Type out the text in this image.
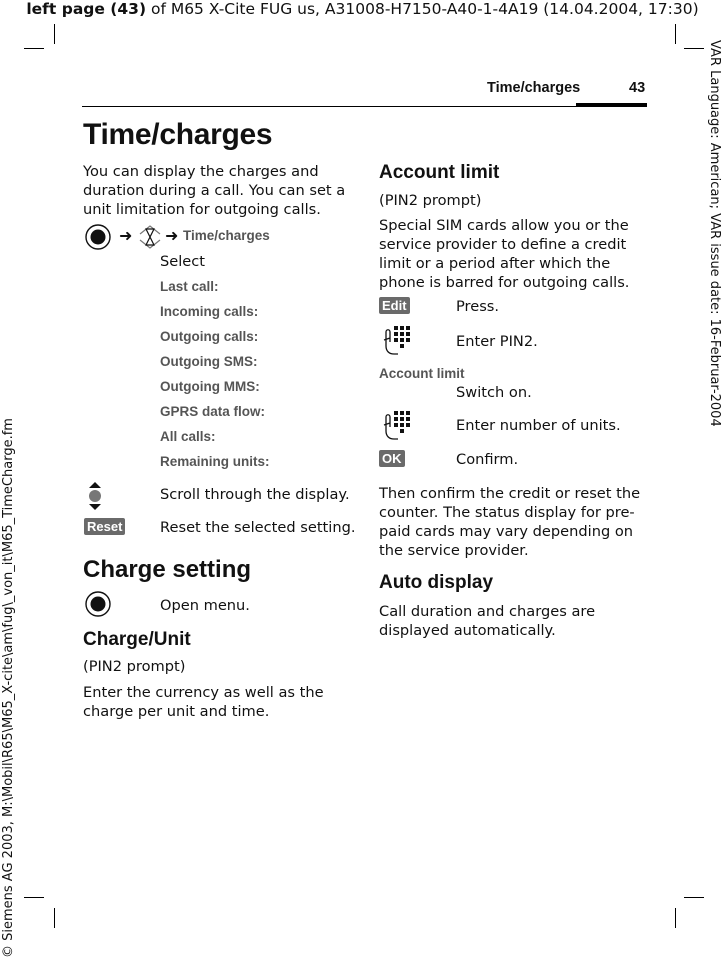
left page (43) of M65 X-Cite FUG us, A31008-H7150-A40-1-4A19 (14.04.2004, 17:30)
VAR Language: American; VAR issue date: 16-Februar-2004
© Siemens AG 2003, M:\Mobil\R65\M65_X-cite\am\fug\_von_it\M65_TimeCharge.fm
Time/charges	43
Time/charges
You can display the charges and duration during a call. You can set a unit limitation for outgoing calls.
➜ ➜ Time/charges
Select
Last call:
Incoming calls:
Outgoing calls:
Outgoing SMS:
Outgoing MMS:
GPRS data flow:
All calls:
Remaining units:
Scroll through the display.
Reset	Reset the selected setting.
Charge setting
Open menu.
Charge/Unit
(PIN2 prompt)
Enter the currency as well as the charge per unit and time.
Account limit
(PIN2 prompt)
Special SIM cards allow you or the service provider to define a credit limit or a period after which the phone is barred for outgoing calls.
Edit	Press.
Enter PIN2.
Account limit
Switch on.
Enter number of units.
OK	Confirm.
Then confirm the credit or reset the counter. The status display for pre-paid cards may vary depending on the service provider.
Auto display
Call duration and charges are displayed automatically.
